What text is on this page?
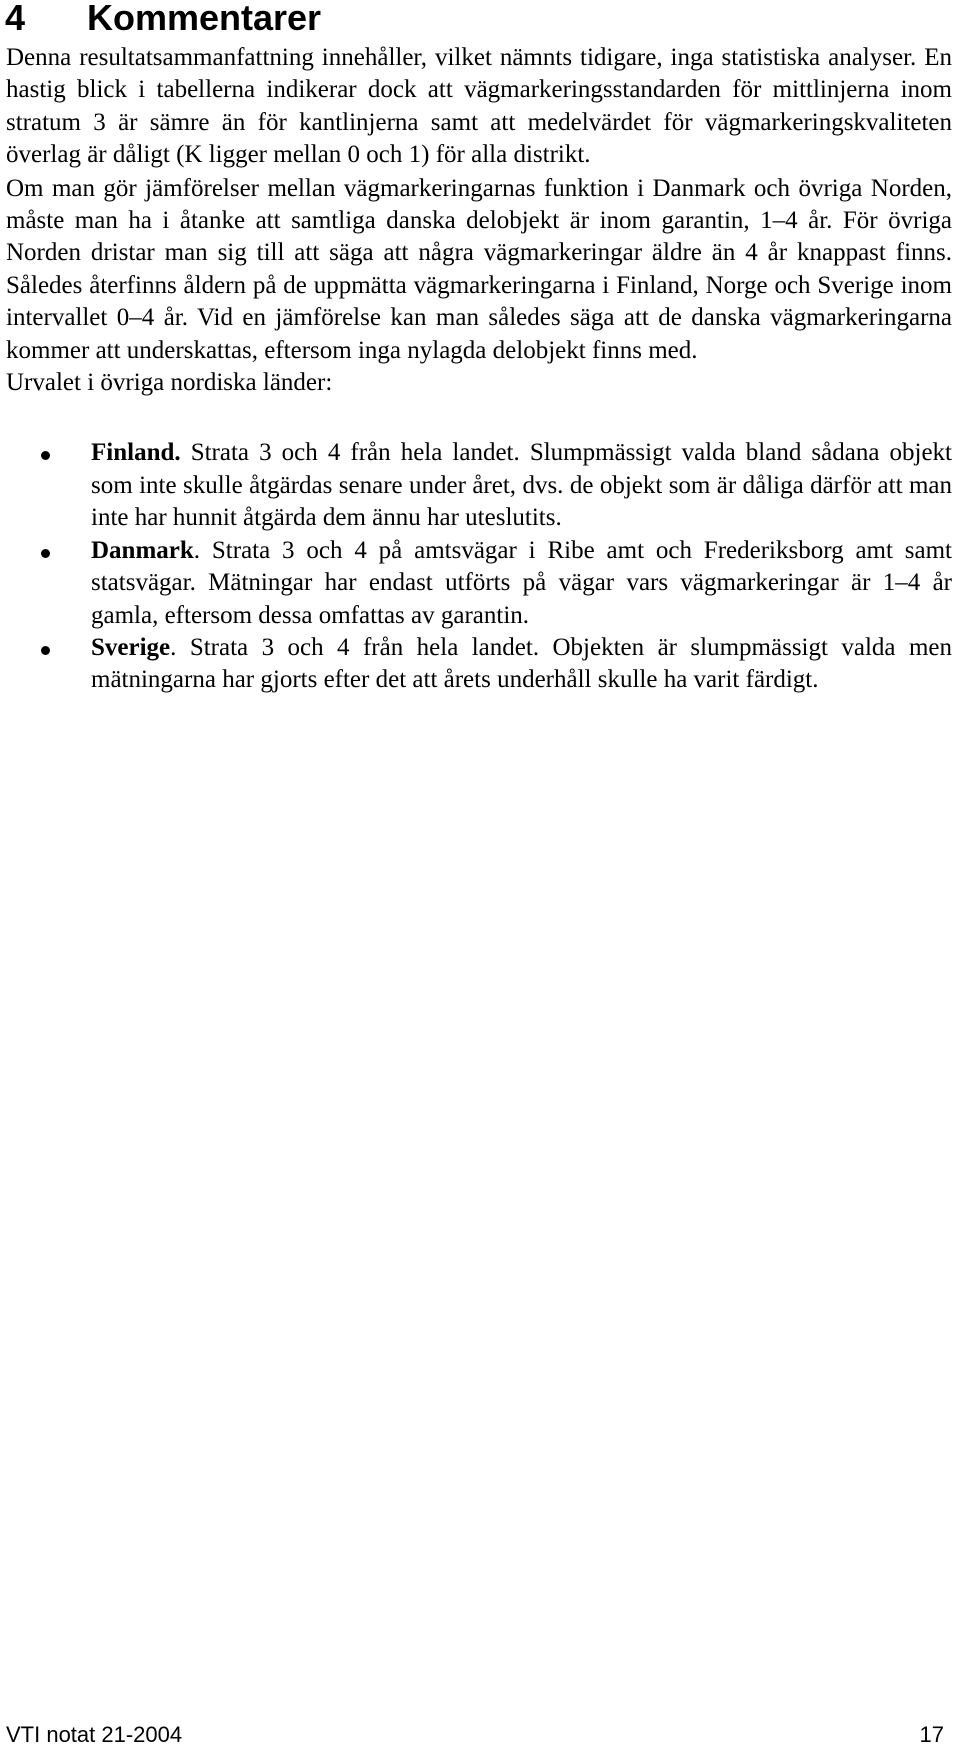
4 Kommentarer

Denna resultatsammanfattning innehåller, vilket nämnts tidigare, inga statistiska analyser. En hastig blick i tabellerna indikerar dock att vägmarkeringsstandarden för mittlinjerna inom stratum 3 är sämre än för kantlinjerna samt att medelvärdet för vägmarkeringskvaliteten överlag är dåligt (K ligger mellan 0 och 1) för alla distrikt.

Om man gör jämförelser mellan vägmarkeringarnas funktion i Danmark och övriga Norden, måste man ha i åtanke att samtliga danska delobjekt är inom garantin, 1–4 år. För övriga Norden dristar man sig till att säga att några vägmarkeringar äldre än 4 år knappast finns. Således återfinns åldern på de uppmätta vägmarkeringarna i Finland, Norge och Sverige inom intervallet 0–4 år. Vid en jämförelse kan man således säga att de danska vägmarkeringarna kommer att underskattas, eftersom inga nylagda delobjekt finns med.

Urvalet i övriga nordiska länder:

Finland. Strata 3 och 4 från hela landet. Slumpmässigt valda bland sådana objekt som inte skulle åtgärdas senare under året, dvs. de objekt som är dåliga därför att man inte har hunnit åtgärda dem ännu har uteslutits.
Danmark. Strata 3 och 4 på amtsvägar i Ribe amt och Frederiksborg amt samt statsvägar. Mätningar har endast utförts på vägar vars vägmarkeringar är 1–4 år gamla, eftersom dessa omfattas av garantin.
Sverige. Strata 3 och 4 från hela landet. Objekten är slumpmässigt valda men mätningarna har gjorts efter det att årets underhåll skulle ha varit färdigt.
VTI notat 21-2004	17
